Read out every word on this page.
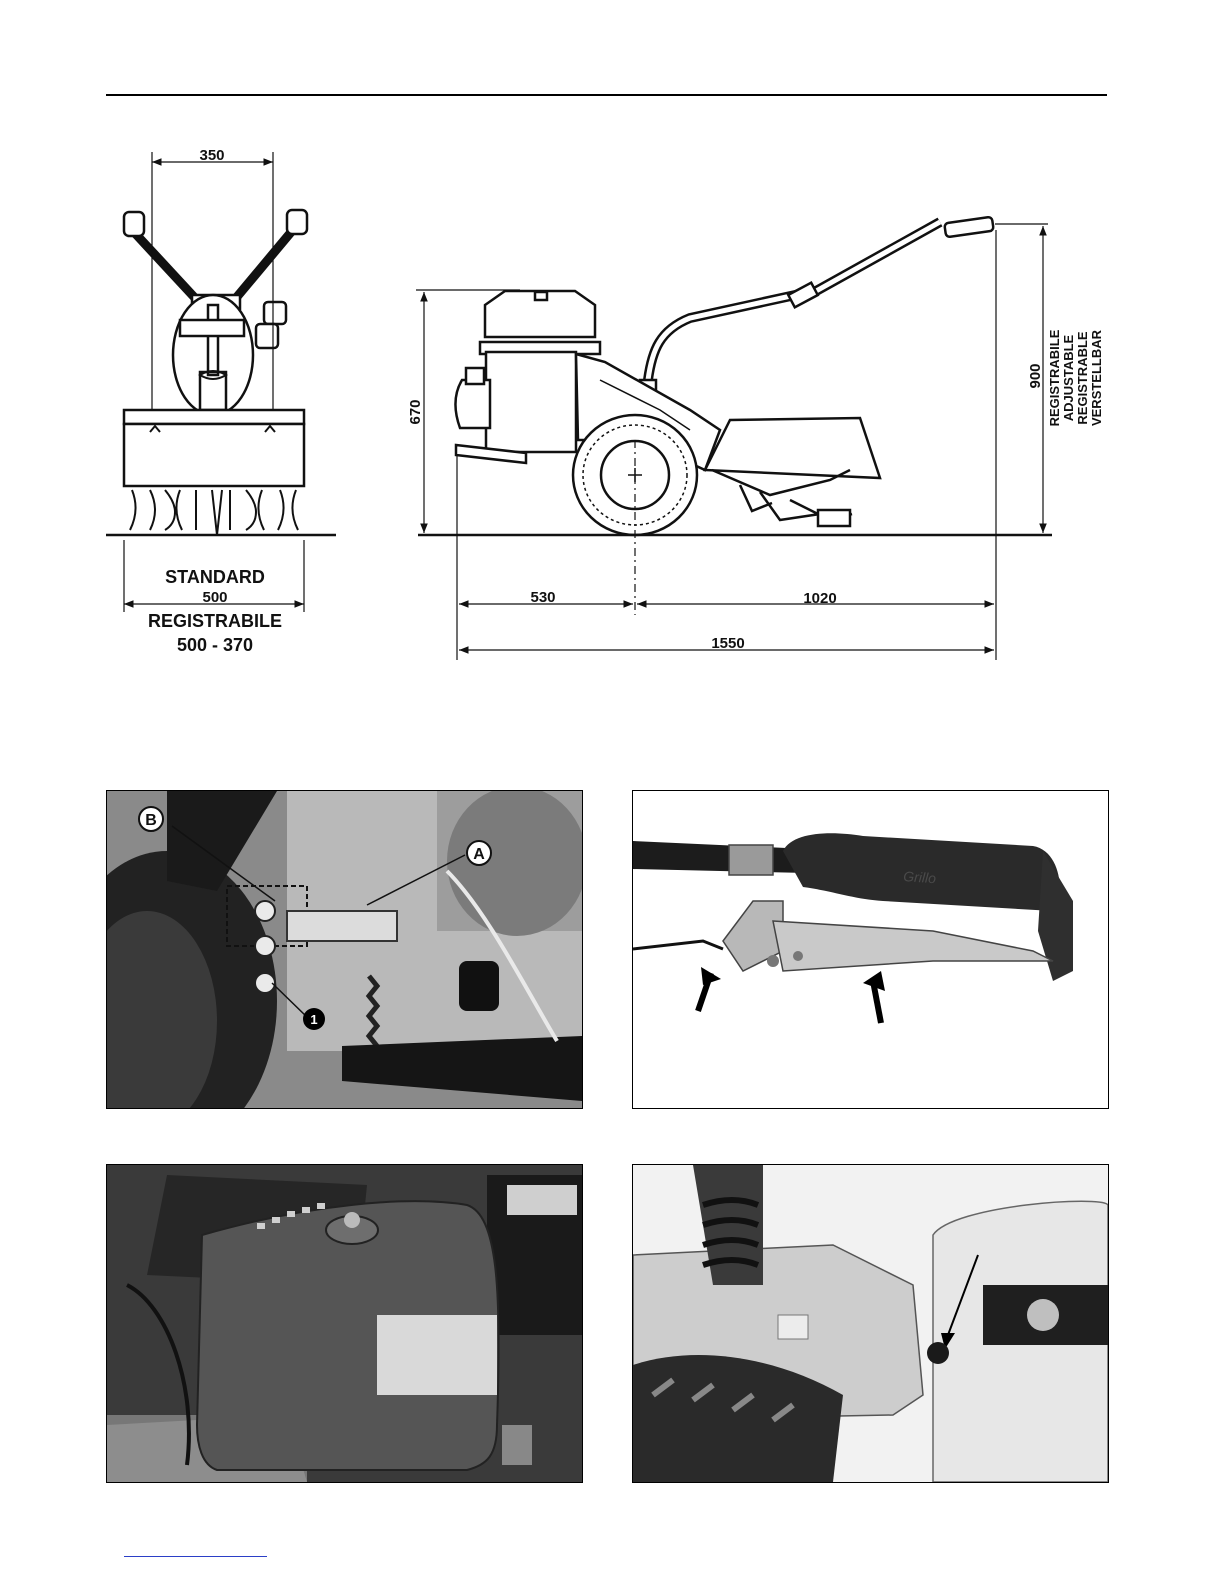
350
STANDARD
500
REGISTRABILE
500 - 370
670
900 REGISTRABILE ADJUSTABLE REGISTRABLE VERSTELLBAR
530	1020
1550
B
A
1
Grillo
